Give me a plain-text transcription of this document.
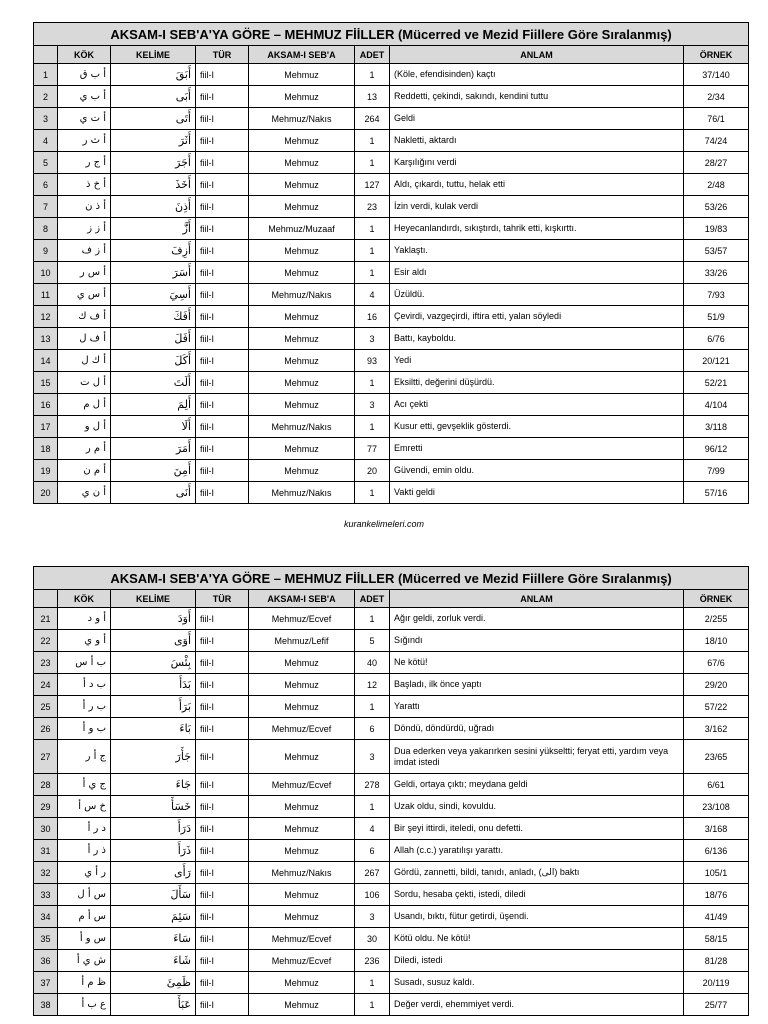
AKSAM-I SEB'A'YA GÖRE – MEHMUZ FİİLLER (Mücerred ve Mezid Fiillere Göre Sıralanmış)							
	KÖK	KELİME	TÜR	AKSAM-I SEB'A	ADET	ANLAM	ÖRNEK
1	أ ب ق	أَبَقَ	fiil-I	Mehmuz	1	(Köle, efendisinden) kaçtı	37/140
2	أ ب ي	أَبَى	fiil-I	Mehmuz	13	Reddetti, çekindi, sakındı, kendini tuttu	2/34
3	أ ت ي	أَتَى	fiil-I	Mehmuz/Nakıs	264	Geldi	76/1
4	أ ث ر	أَثَرَ	fiil-I	Mehmuz	1	Nakletti, aktardı	74/24
5	أ ج ر	أَجَرَ	fiil-I	Mehmuz	1	Karşılığını verdi	28/27
6	أ خ ذ	أَخَذَ	fiil-I	Mehmuz	127	Aldı, çıkardı, tuttu, helak etti	2/48
7	أ ذ ن	أَذِنَ	fiil-I	Mehmuz	23	İzin verdi, kulak verdi	53/26
8	أ ز ز	أَزَّ	fiil-I	Mehmuz/Muzaaf	1	Heyecanlandırdı, sıkıştırdı, tahrik etti, kışkırttı.	19/83
9	أ ز ف	أَزِفَ	fiil-I	Mehmuz	1	Yaklaştı.	53/57
10	أ س ر	أَسَرَ	fiil-I	Mehmuz	1	Esir aldı	33/26
11	أ س ي	أَسِيَ	fiil-I	Mehmuz/Nakıs	4	Üzüldü.	7/93
12	أ ف ك	أَفَكَ	fiil-I	Mehmuz	16	Çevirdi, vazgeçirdi, iftira etti, yalan söyledi	51/9
13	أ ف ل	أَفَلَ	fiil-I	Mehmuz	3	Battı, kayboldu.	6/76
14	أ ك ل	أَكَلَ	fiil-I	Mehmuz	93	Yedi	20/121
15	أ ل ت	أَلَتَ	fiil-I	Mehmuz	1	Eksiltti, değerini düşürdü.	52/21
16	أ ل م	أَلِمَ	fiil-I	Mehmuz	3	Acı çekti	4/104
17	أ ل و	أَلَا	fiil-I	Mehmuz/Nakıs	1	Kusur etti, gevşeklik gösterdi.	3/118
18	أ م ر	أَمَرَ	fiil-I	Mehmuz	77	Emretti	96/12
19	أ م ن	أَمِنَ	fiil-I	Mehmuz	20	Güvendi, emin oldu.	7/99
20	أ ن ي	أَنَى	fiil-I	Mehmuz/Nakıs	1	Vakti geldi	57/16
kurankelimeleri.com
AKSAM-I SEB'A'YA GÖRE – MEHMUZ FİİLLER (Mücerred ve Mezid Fiillere Göre Sıralanmış)							
	KÖK	KELİME	TÜR	AKSAM-I SEB'A	ADET	ANLAM	ÖRNEK
21	أ و د	أَوَدَ	fiil-I	Mehmuz/Ecvef	1	Ağır geldi, zorluk verdi.	2/255
22	أ و ي	أَوَى	fiil-I	Mehmuz/Lefif	5	Sığındı	18/10
23	ب أ س	بِئْسَ	fiil-I	Mehmuz	40	Ne kötü!	67/6
24	ب د أ	بَدَأَ	fiil-I	Mehmuz	12	Başladı, ilk önce yaptı	29/20
25	ب ر أ	بَرَأَ	fiil-I	Mehmuz	1	Yarattı	57/22
26	ب و أ	بَاءَ	fiil-I	Mehmuz/Ecvef	6	Döndü, döndürdü, uğradı	3/162
27	ج أ ر	جَأَرَ	fiil-I	Mehmuz	3	Dua ederken veya yakarırken sesini yükseltti; feryat etti, yardım veya imdat istedi	23/65
28	ج ي أ	جَاءَ	fiil-I	Mehmuz/Ecvef	278	Geldi, ortaya çıktı; meydana geldi	6/61
29	خ س أ	خَسَأَ	fiil-I	Mehmuz	1	Uzak oldu, sindi, kovuldu.	23/108
30	د ر أ	دَرَأَ	fiil-I	Mehmuz	4	Bir şeyi ittirdi, iteledi, onu defetti.	3/168
31	ذ ر أ	ذَرَأَ	fiil-I	Mehmuz	6	Allah (c.c.) yaratılışı yarattı.	6/136
32	ر أ ي	رَأَى	fiil-I	Mehmuz/Nakıs	267	Gördü, zannetti, bildi, tanıdı, anladı, (الى) baktı	105/1
33	س أ ل	سَأَلَ	fiil-I	Mehmuz	106	Sordu, hesaba çekti, istedi, diledi	18/76
34	س أ م	سَئِمَ	fiil-I	Mehmuz	3	Usandı, bıktı, fütur getirdi, üşendi.	41/49
35	س و أ	سَاءَ	fiil-I	Mehmuz/Ecvef	30	Kötü oldu. Ne kötü!	58/15
36	ش ي أ	شَاءَ	fiil-I	Mehmuz/Ecvef	236	Diledi, istedi	81/28
37	ظ م أ	ظَمِئَ	fiil-I	Mehmuz	1	Susadı, susuz kaldı.	20/119
38	ع ب أ	عَبَأَ	fiil-I	Mehmuz	1	Değer verdi, ehemmiyet verdi.	25/77
